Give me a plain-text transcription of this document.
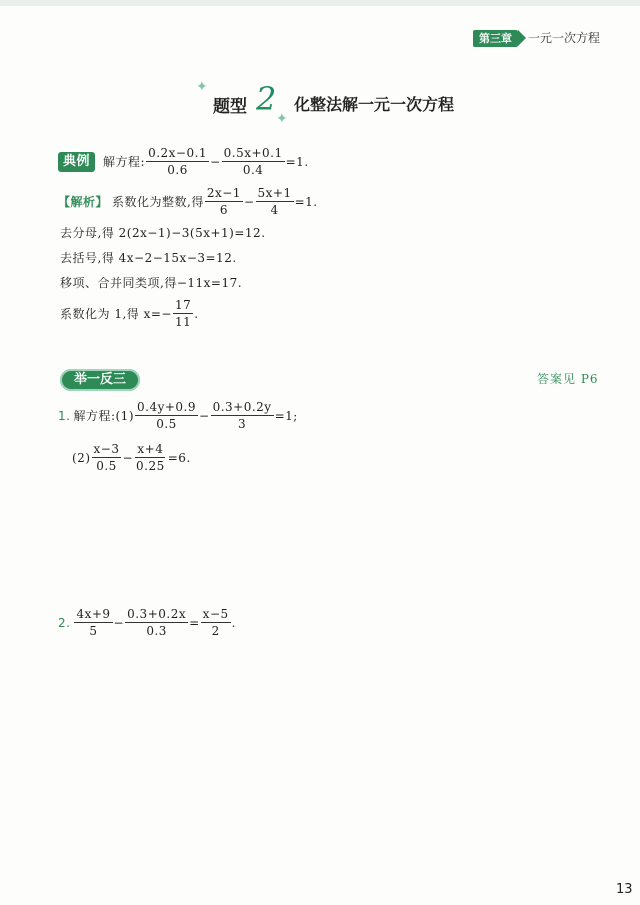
第三章	一元一次方程
✦
✦
题型 2 化整法解一元一次方程
典例	解方程: $\frac{0.2x-0.1}{0.6} - \frac{0.5x+0.1}{0.4} =1$.
【解析】 系数化为整数,得 $\frac{2x-1}{6} - \frac{5x+1}{4} =1$.
去分母,得 2(2x−1)−3(5x+1)=12.
去括号,得 4x−2−15x−3=12.
移项、合并同类项,得−11x=17.
系数化为 1,得 $x=- \frac{17}{11}$ .
举一反三	答案见 P6
1. 解方程:(1) $\frac{0.4y+0.9}{0.5} - \frac{0.3+0.2y}{3} =1$;
$(2) \frac{x-3}{0.5} - \frac{x+4}{0.25} =6$.
2. $\frac{4x+9}{5} - \frac{0.3+0.2x}{0.3} = \frac{x-5}{2}$ .
13
